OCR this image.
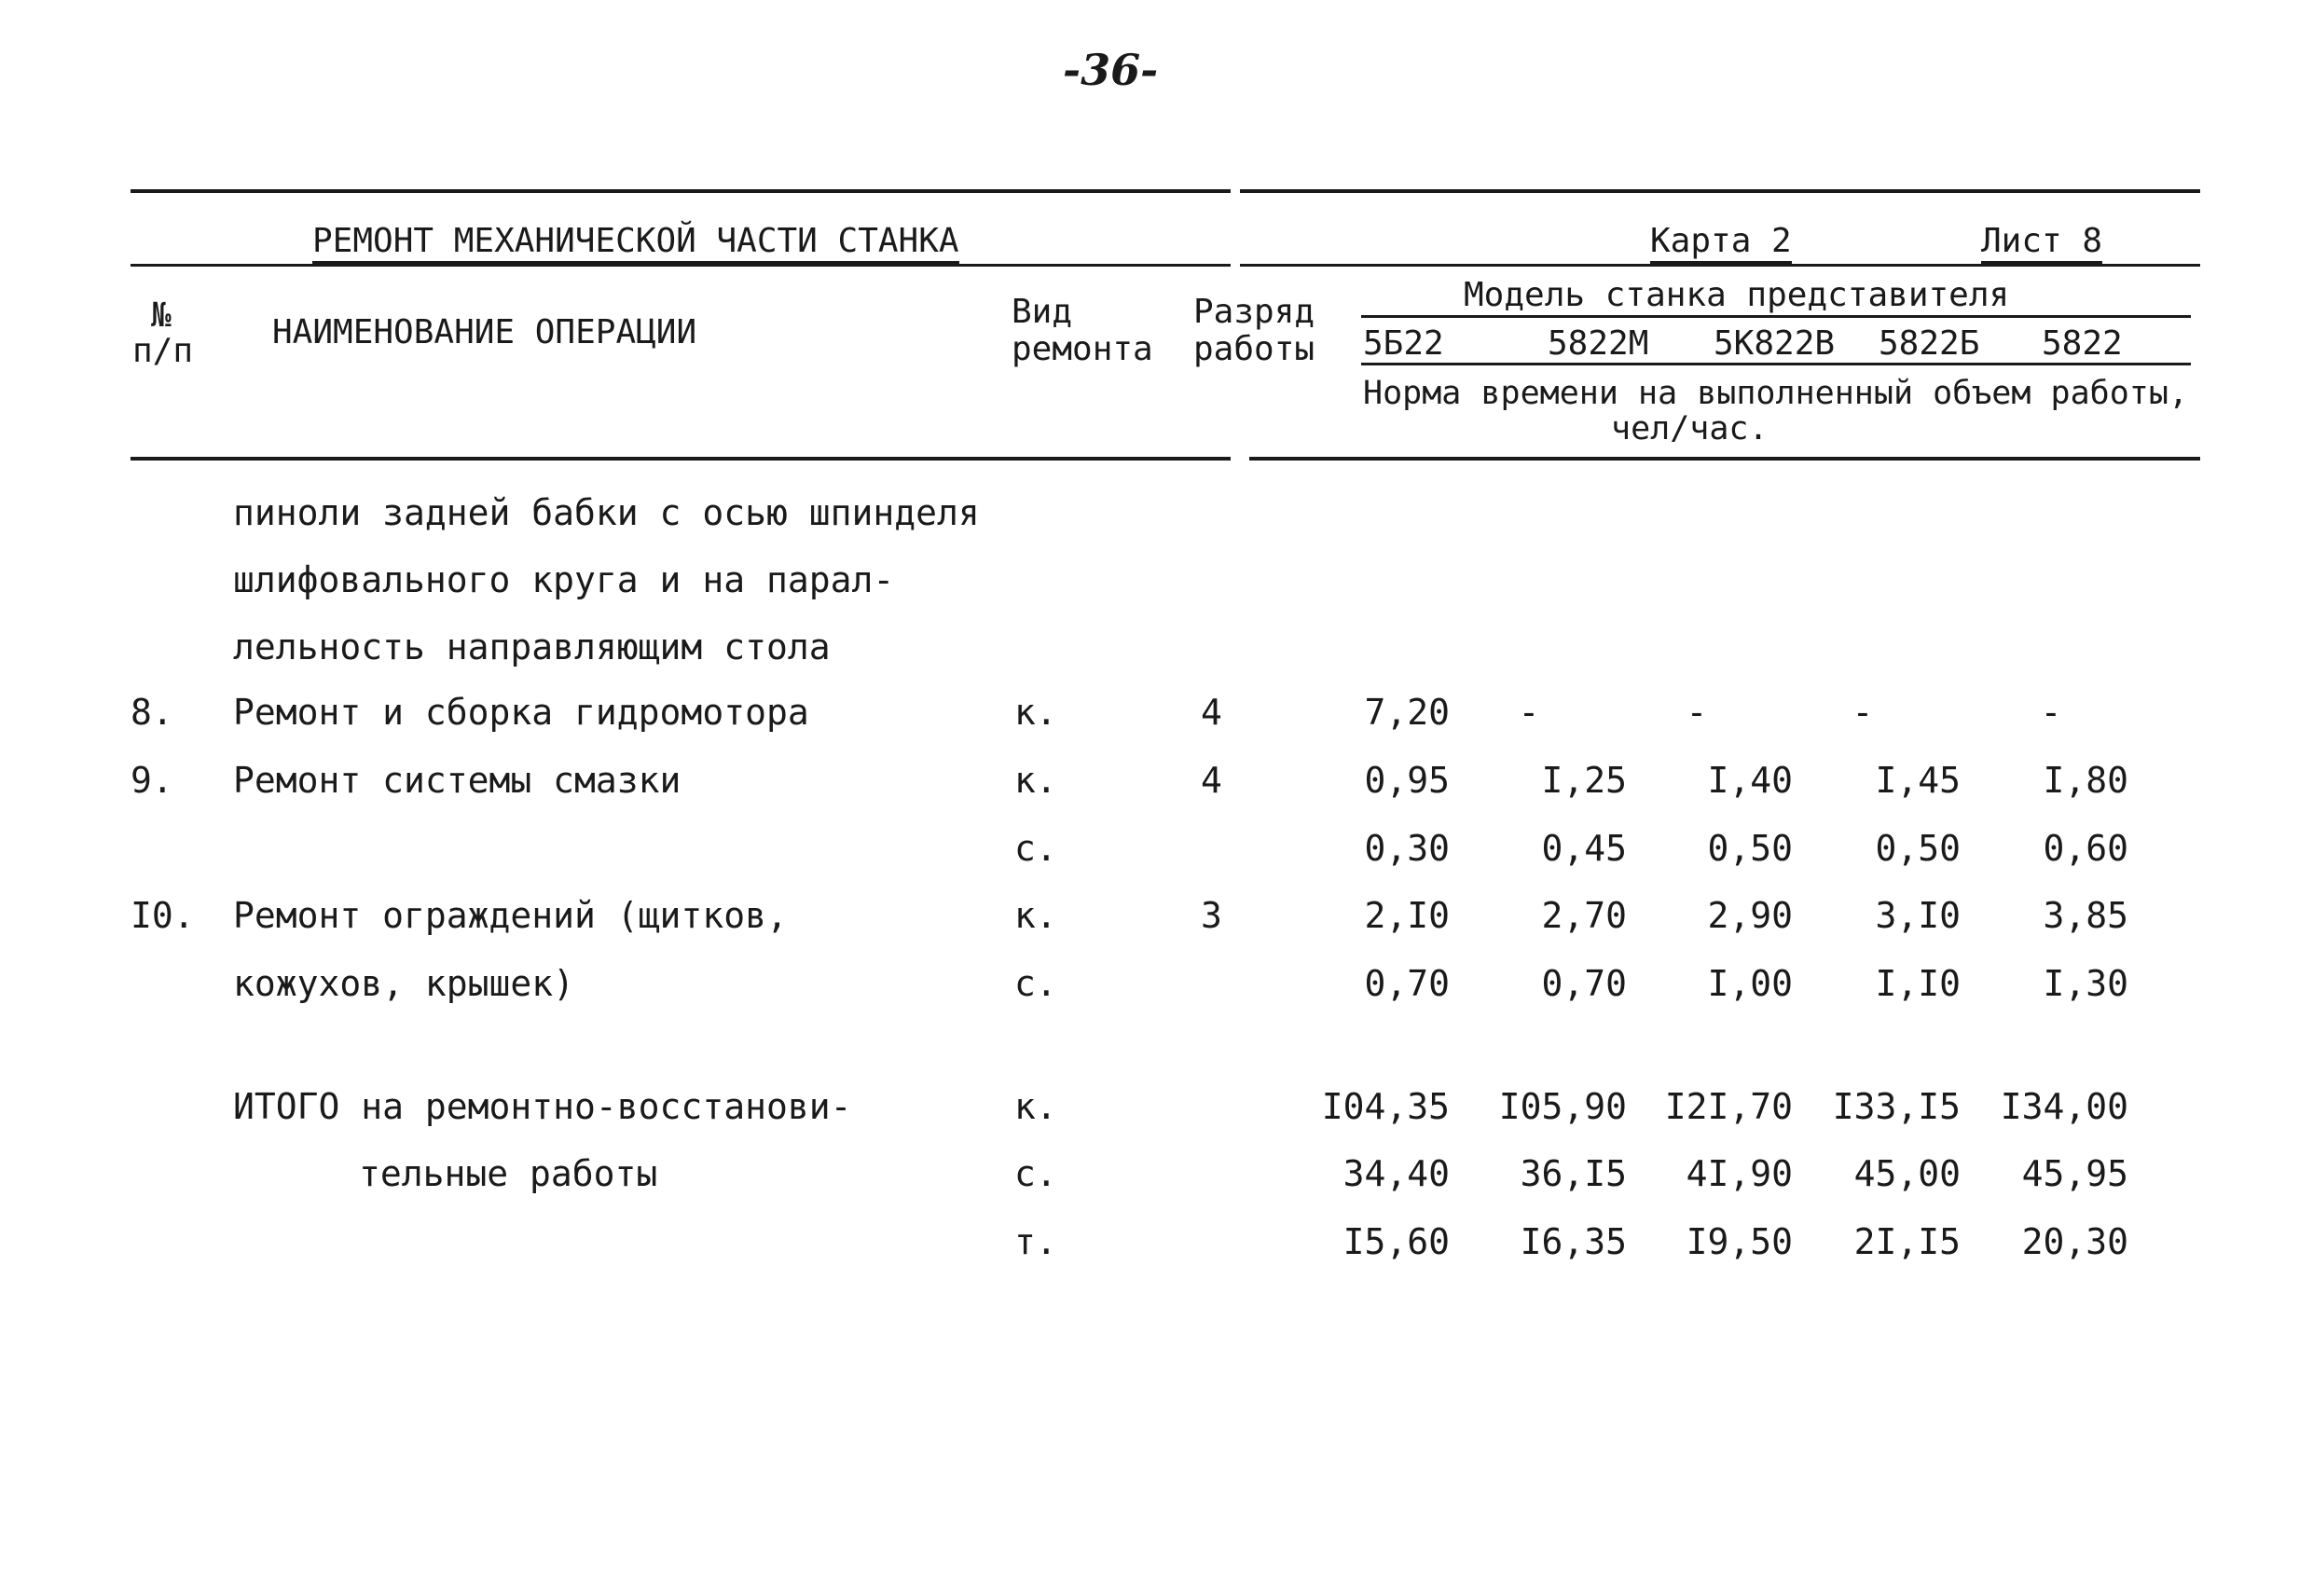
-36-
РЕМОНТ МЕХАНИЧЕСКОЙ ЧАСТИ СТАНКА	Карта 2	Лист 8
№
п/п НАИМЕНОВАНИЕ ОПЕРАЦИИ
Вид
ремонта
Разряд
работы
Модель станка представителя
5Б22	5822М 5К822В 5822Б 5822
Норма времени на выполненный объем работы,
чел/час.
пиноли задней бабки с осью шпинделя
шлифовального круга и на парал-
лельность направляющим стола
8. Ремонт и сборка гидромотора	к.	4	7,20	-	-	-	-
9. Ремонт системы смазки	к.	4	0,95	I,25	I,40	I,45	I,80
с.	0,30	0,45	0,50	0,50	0,60
I0. Ремонт ограждений (щитков,	к.	3	2,I0	2,70	2,90	3,I0	3,85
кожухов, крышек)	с.	0,70	0,70	I,00	I,I0	I,30
ИТОГО на ремонтно-восстанови-
тельные работы
к.	I04,35	I05,90	I2I,70	I33,I5	I34,00
с.	34,40	36,I5	4I,90	45,00	45,95
т.	I5,60	I6,35	I9,50	2I,I5	20,30
